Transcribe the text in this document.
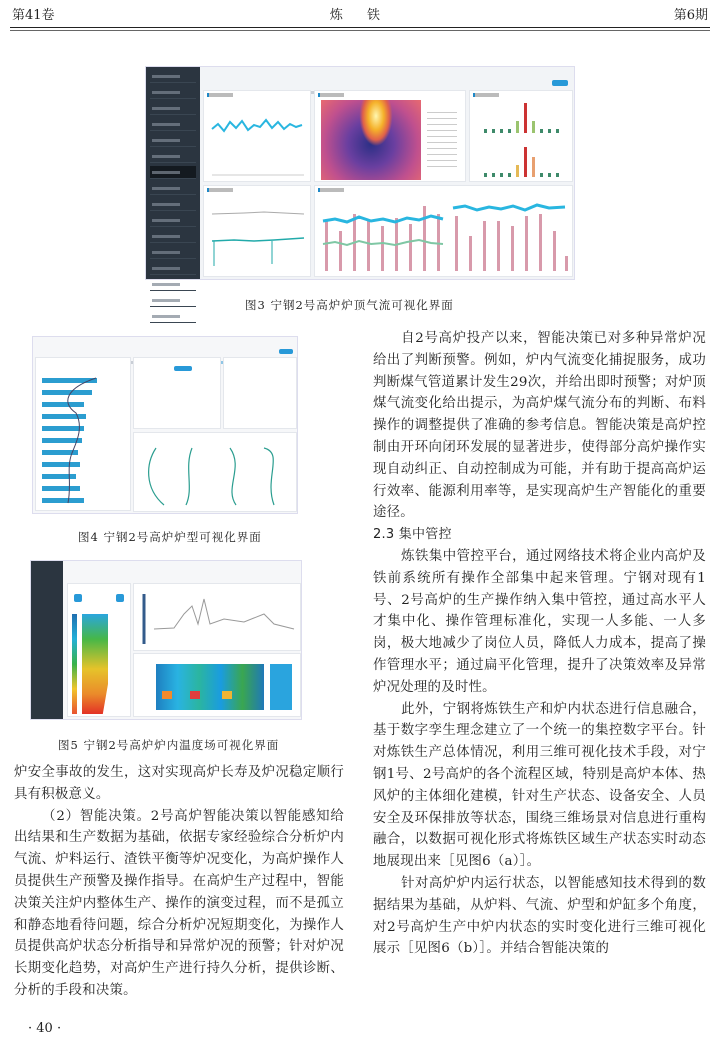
第41卷	炼 铁	第6期
图3 宁钢2号高炉炉顶气流可视化界面
图4 宁钢2号高炉炉型可视化界面
图5 宁钢2号高炉炉内温度场可视化界面

炉安全事故的发生，这对实现高炉长寿及炉况稳定顺行具有积极意义。

（2）智能决策。2号高炉智能决策以智能感知给出结果和生产数据为基础，依据专家经验综合分析炉内气流、炉料运行、渣铁平衡等炉况变化，为高炉操作人员提供生产预警及操作指导。在高炉生产过程中，智能决策关注炉内整体生产、操作的演变过程，而不是孤立和静态地看待问题，综合分析炉况短期变化，为操作人员提供高炉状态分析指导和异常炉况的预警；针对炉况长期变化趋势，对高炉生产进行持久分析，提供诊断、分析的手段和决策。

· 40 ·

自2号高炉投产以来，智能决策已对多种异常炉况给出了判断预警。例如，炉内气流变化捕捉服务，成功判断煤气管道累计发生29次，并给出即时预警；对炉顶煤气流变化给出提示，为高炉煤气流分布的判断、布料操作的调整提供了准确的参考信息。智能决策是高炉控制由开环向闭环发展的显著进步，使得部分高炉操作实现自动纠正、自动控制成为可能，并有助于提高高炉运行效率、能源利用率等，是实现高炉生产智能化的重要途径。

2.3 集中管控

炼铁集中管控平台，通过网络技术将企业内高炉及铁前系统所有操作全部集中起来管理。宁钢对现有1号、2号高炉的生产操作纳入集中管控，通过高水平人才集中化、操作管理标准化，实现一人多能、一人多岗，极大地减少了岗位人员，降低人力成本，提高了操作管理水平；通过扁平化管理，提升了决策效率及异常炉况处理的及时性。

此外，宁钢将炼铁生产和炉内状态进行信息融合，基于数字孪生理念建立了一个统一的集控数字平台。针对炼铁生产总体情况，利用三维可视化技术手段，对宁钢1号、2号高炉的各个流程区域，特别是高炉本体、热风炉的主体细化建模，针对生产状态、设备安全、人员安全及环保排放等状态，围绕三维场景对信息进行重构融合，以数据可视化形式将炼铁区域生产状态实时动态地展现出来［见图6（a）］。

针对高炉炉内运行状态，以智能感知技术得到的数据结果为基础，从炉料、气流、炉型和炉缸多个角度，对2号高炉生产中炉内状态的实时变化进行三维可视化展示［见图6（b）］。并结合智能决策的
